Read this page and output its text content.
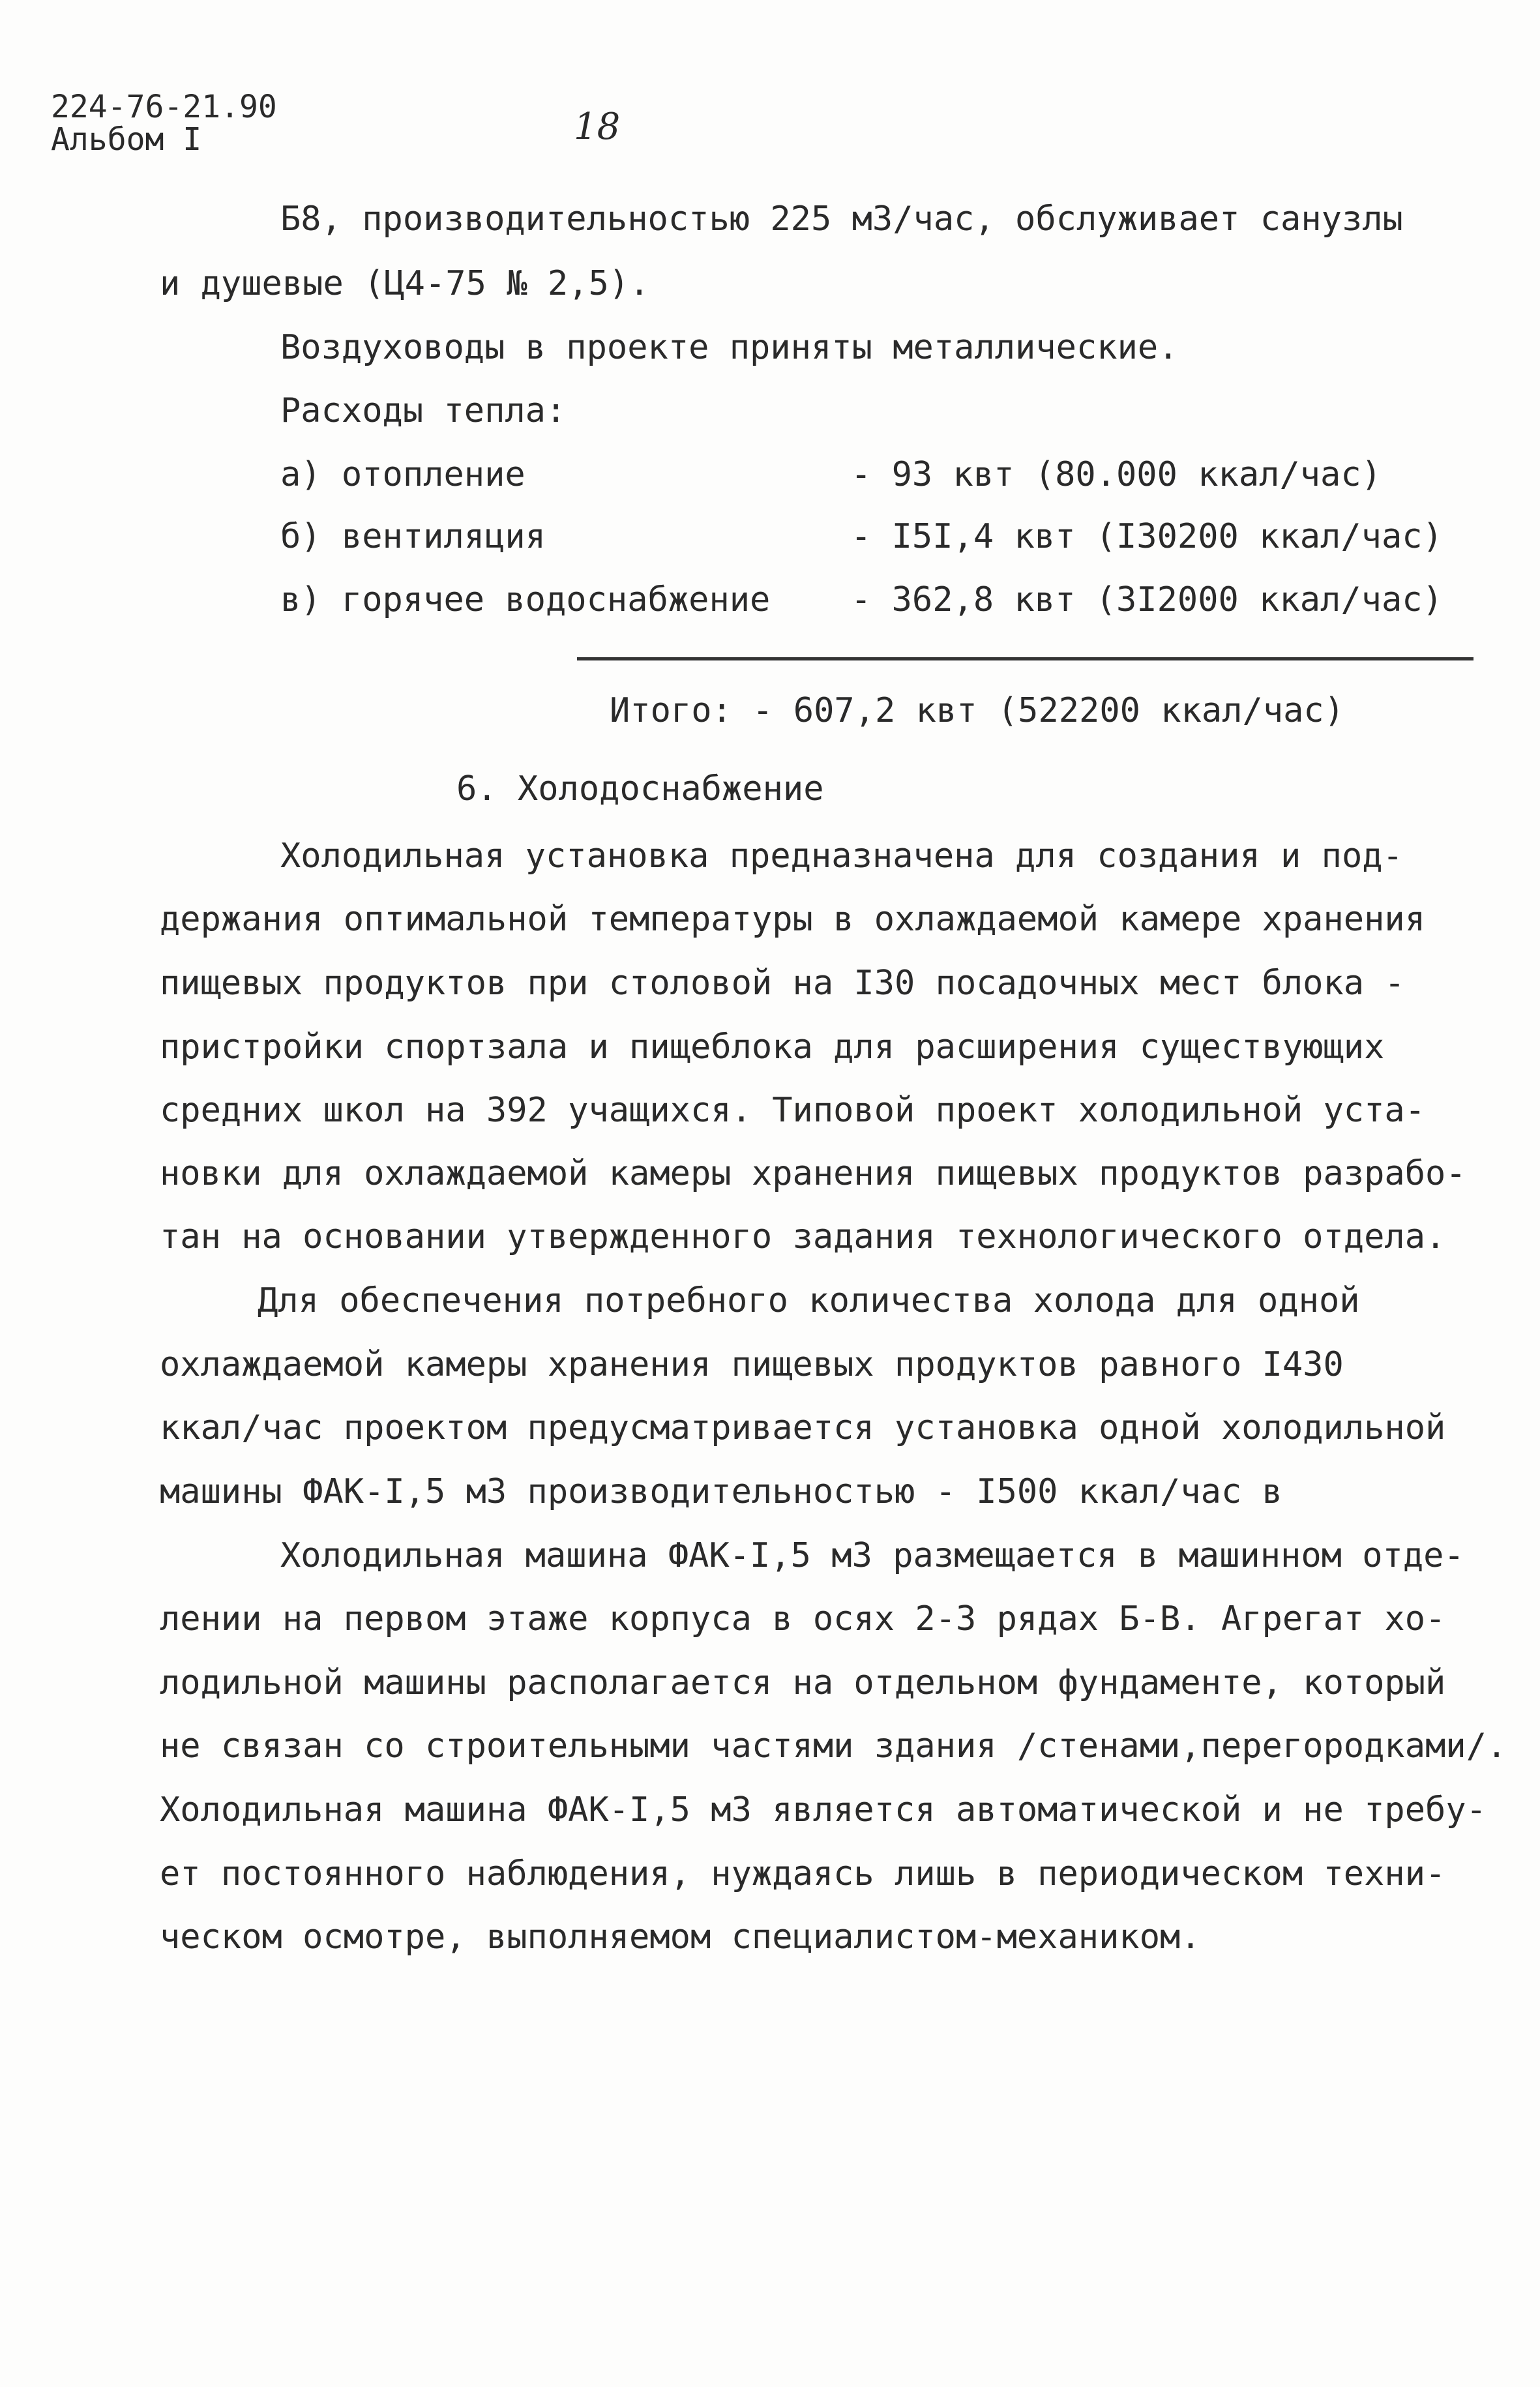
224-76-21.90
Альбом I	18
Б8, производительностью 225 м3/час, обслуживает санузлы
и душевые (Ц4-75 № 2,5).
Воздуховоды в проекте приняты металлические.
Расходы тепла:
а) отопление	- 93 квт (80.000 ккал/час)
б) вентиляция	- I5I,4 квт (I30200 ккал/час)
в) горячее водоснабжение - 362,8 квт (3I2000 ккал/час)
Итого: - 607,2 квт (522200 ккал/час)
6. Холодоснабжение
Холодильная установка предназначена для создания и под-
держания оптимальной температуры в охлаждаемой камере хранения
пищевых продуктов при столовой на I30 посадочных мест блока -
пристройки спортзала и пищеблока для расширения существующих
средних школ на 392 учащихся. Типовой проект холодильной уста-
новки для охлаждаемой камеры хранения пищевых продуктов разрабо-
тан на основании утвержденного задания технологического отдела.
Для обеспечения потребного количества холода для одной
охлаждаемой камеры хранения пищевых продуктов равного I430
ккал/час проектом предусматривается установка одной холодильной
машины ФАК-I,5 м3 производительностью - I500 ккал/час в
Холодильная машина ФАК-I,5 м3 размещается в машинном отде-
лении на первом этаже корпуса в осях 2-3 рядах Б-В. Агрегат хо-
лодильной машины располагается на отдельном фундаменте, который
не связан со строительными частями здания /стенами,перегородками/.
Холодильная машина ФАК-I,5 м3 является автоматической и не требу-
ет постоянного наблюдения, нуждаясь лишь в периодическом техни-
ческом осмотре, выполняемом специалистом-механиком.
